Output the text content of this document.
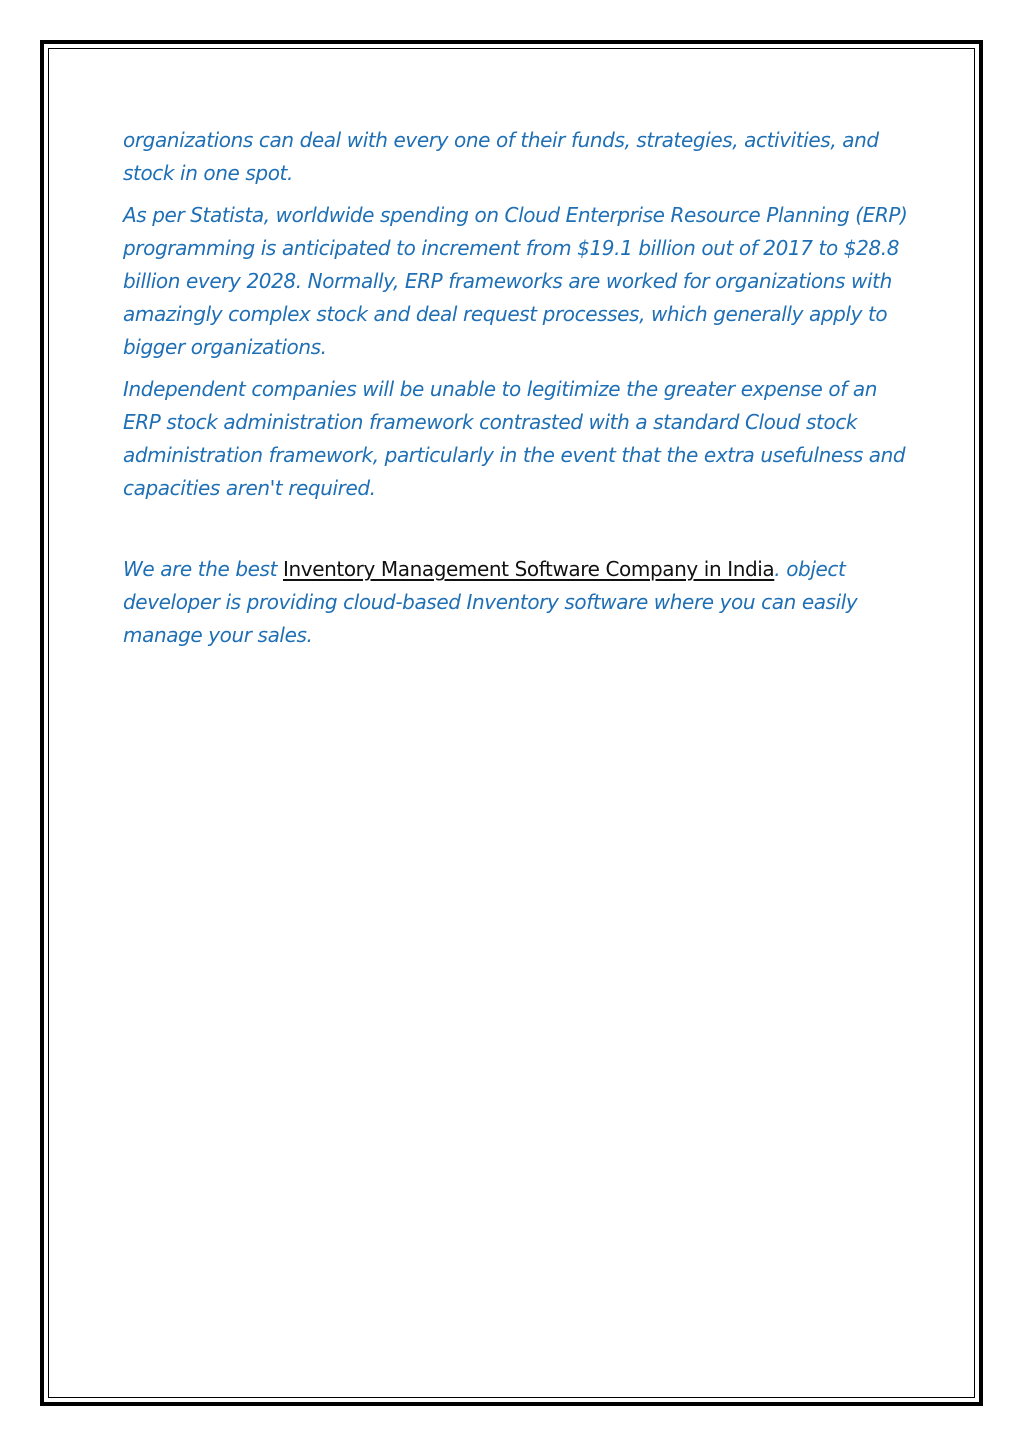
organizations can deal with every one of their funds, strategies, activities, and stock in one spot.

As per Statista, worldwide spending on Cloud Enterprise Resource Planning (ERP) programming is anticipated to increment from $19.1 billion out of 2017 to $28.8 billion every 2028. Normally, ERP frameworks are worked for organizations with amazingly complex stock and deal request processes, which generally apply to bigger organizations.

Independent companies will be unable to legitimize the greater expense of an ERP stock administration framework contrasted with a standard Cloud stock administration framework, particularly in the event that the extra usefulness and capacities aren't required.

We are the best Inventory Management Software Company in India. object developer is providing cloud-based Inventory software where you can easily manage your sales.
